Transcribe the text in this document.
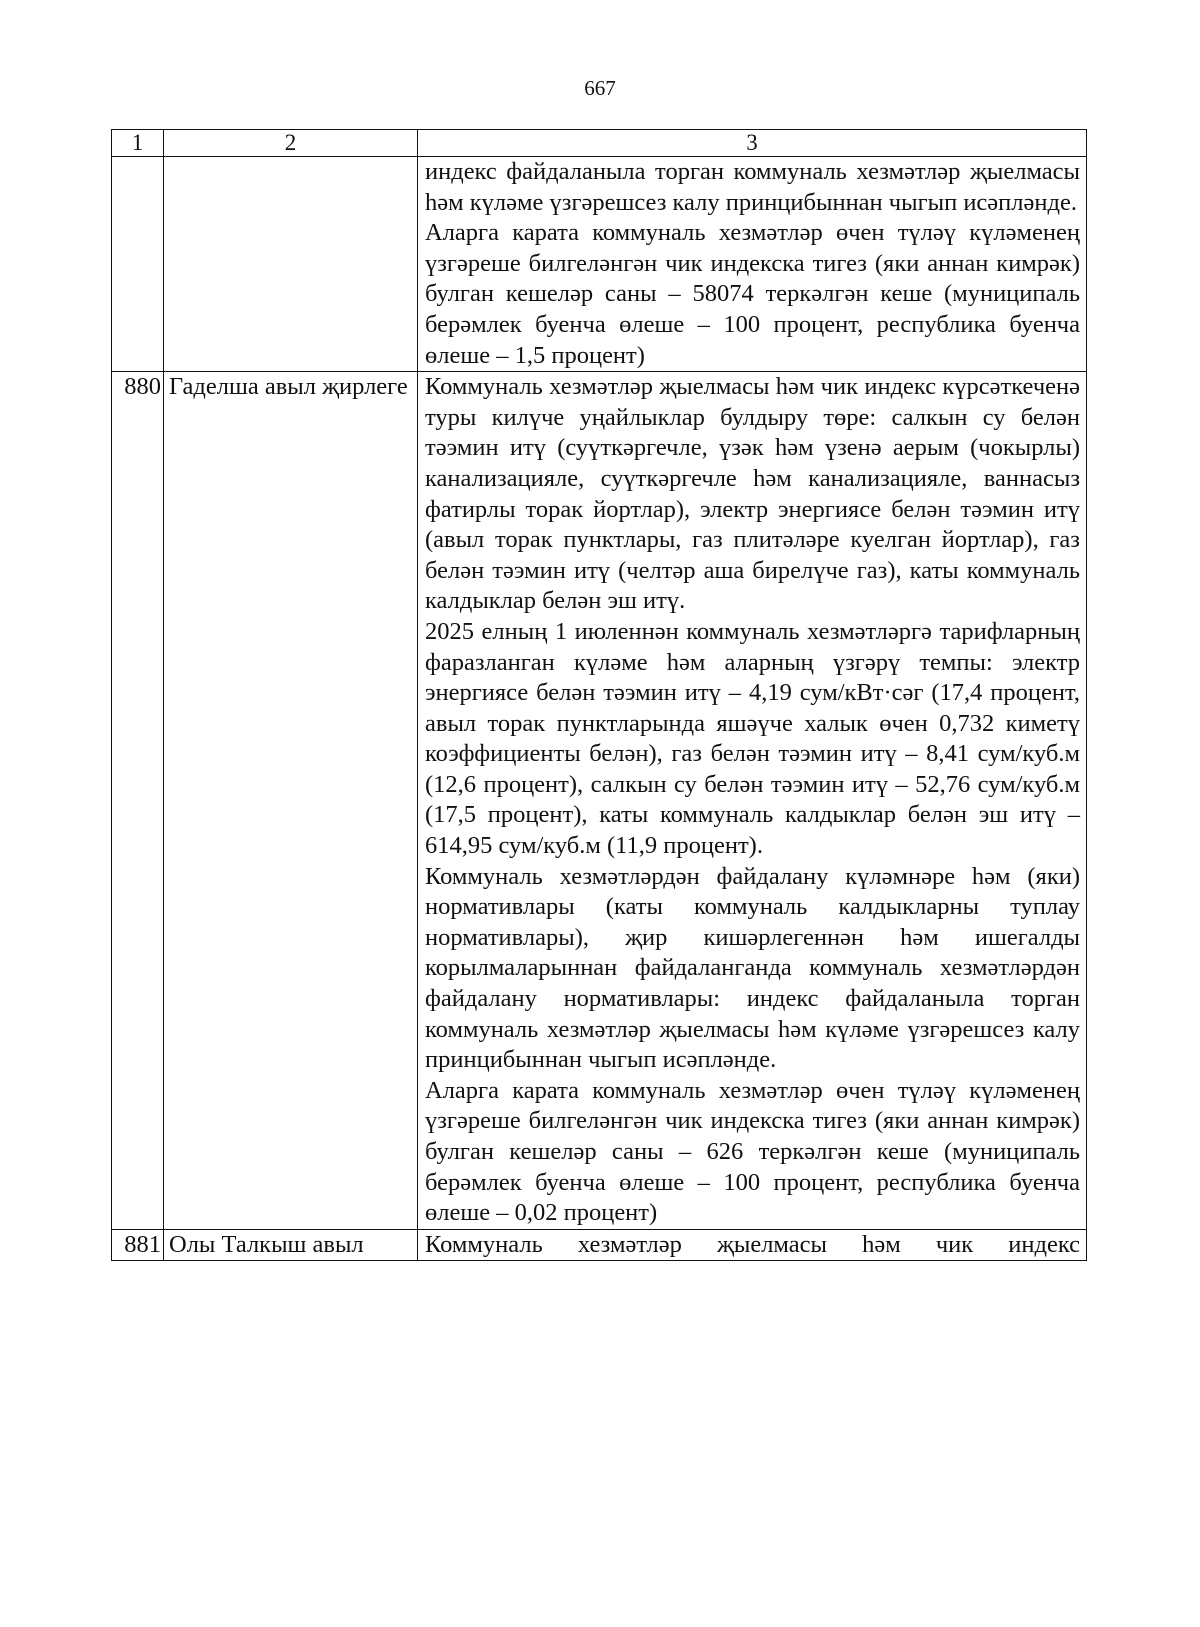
667
1	2	3

		индекс файдаланыла торган коммуналь хезмәтләр җыелмасы һәм күләме үзгәрешсез калу принцибыннан чыгып исәпләнде.

Аларга карата коммуналь хезмәтләр өчен түләү күләменең үзгәреше билгеләнгән чик индекска тигез (яки аннан кимрәк) булган кешеләр саны – 58074 теркәлгән кеше (муниципаль берәмлек буенча өлеше – 100 процент, республика буенча өлеше – 1,5 процент)

880	Гаделша авыл җирлеге	Коммуналь хезмәтләр җыелмасы һәм чик индекс күрсәткеченә туры килүче уңайлыклар булдыру төре: салкын су белән тәэмин итү (суүткәргечле, үзәк һәм үзенә аерым (чокырлы) канализацияле, суүткәргечле һәм канализацияле, ваннасыз фатирлы торак йортлар), электр энергиясе белән тәэмин итү (авыл торак пунктлары, газ плитәләре куелган йортлар), газ белән тәэмин итү (челтәр аша бирелүче газ), каты коммуналь калдыклар белән эш итү.

2025 елның 1 июленнән коммуналь хезмәтләргә тарифларның фаразланган күләме һәм аларның үзгәрү темпы: электр энергиясе белән тәэмин итү – 4,19 сум/кВт·сәг (17,4 процент, авыл торак пунктларында яшәүче халык өчен 0,732 киметү коэффициенты белән), газ белән тәэмин итү – 8,41 сум/куб.м (12,6 процент), салкын су белән тәэмин итү – 52,76 сум/куб.м (17,5 процент), каты коммуналь калдыклар белән эш итү – 614,95 сум/куб.м (11,9 процент).

Коммуналь хезмәтләрдән файдалану күләмнәре һәм (яки) нормативлары (каты коммуналь калдыкларны туплау нормативлары), җир кишәрлегеннән һәм ишегалды корылмаларыннан файдаланганда коммуналь хезмәтләрдән файдалану нормативлары: индекс файдаланыла торган коммуналь хезмәтләр җыелмасы һәм күләме үзгәрешсез калу принцибыннан чыгып исәпләнде.

Аларга карата коммуналь хезмәтләр өчен түләү күләменең үзгәреше билгеләнгән чик индекска тигез (яки аннан кимрәк) булган кешеләр саны – 626 теркәлгән кеше (муниципаль берәмлек буенча өлеше – 100 процент, республика буенча өлеше – 0,02 процент)

881	Олы Талкыш авыл	Коммуналь хезмәтләр җыелмасы һәм чик индекс
